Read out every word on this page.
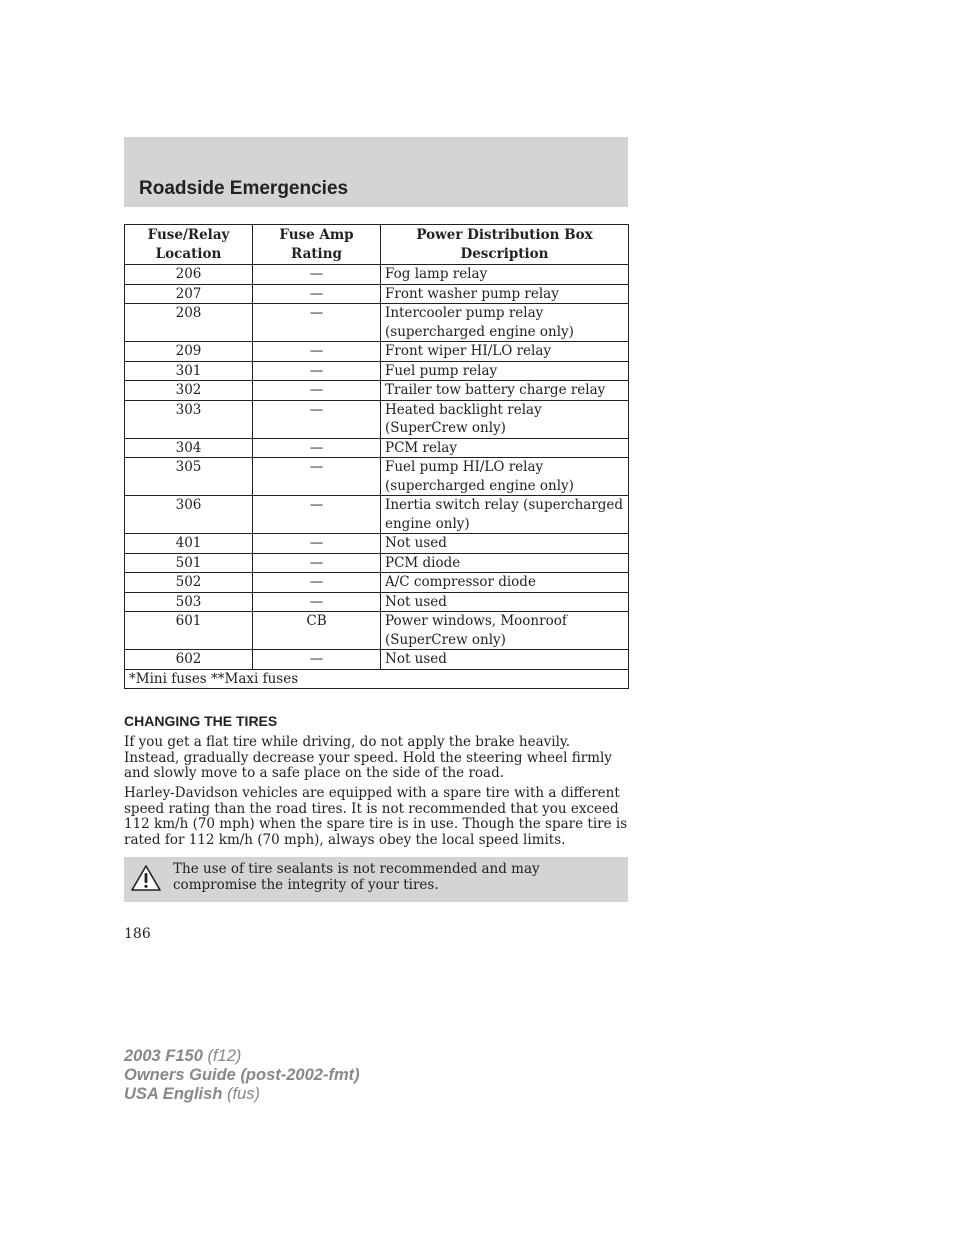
Roadside Emergencies
Fuse/Relay Location	Fuse Amp Rating	Power Distribution Box Description
206	—	Fog lamp relay
207	—	Front washer pump relay
208	—	Intercooler pump relay (supercharged engine only)
209	—	Front wiper HI/LO relay
301	—	Fuel pump relay
302	—	Trailer tow battery charge relay
303	—	Heated backlight relay (SuperCrew only)
304	—	PCM relay
305	—	Fuel pump HI/LO relay (supercharged engine only)
306	—	Inertia switch relay (supercharged engine only)
401	—	Not used
501	—	PCM diode
502	—	A/C compressor diode
503	—	Not used
601	CB	Power windows, Moonroof (SuperCrew only)
602	—	Not used
*Mini fuses **Maxi fuses		
CHANGING THE TIRES

If you get a flat tire while driving, do not apply the brake heavily. Instead, gradually decrease your speed. Hold the steering wheel firmly and slowly move to a safe place on the side of the road.

Harley-Davidson vehicles are equipped with a spare tire with a different speed rating than the road tires. It is not recommended that you exceed 112 km/h (70 mph) when the spare tire is in use. Though the spare tire is rated for 112 km/h (70 mph), always obey the local speed limits.

The use of tire sealants is not recommended and may compromise the integrity of your tires.
186
2003 F150 (f12)
Owners Guide (post-2002-fmt)
USA English (fus)
